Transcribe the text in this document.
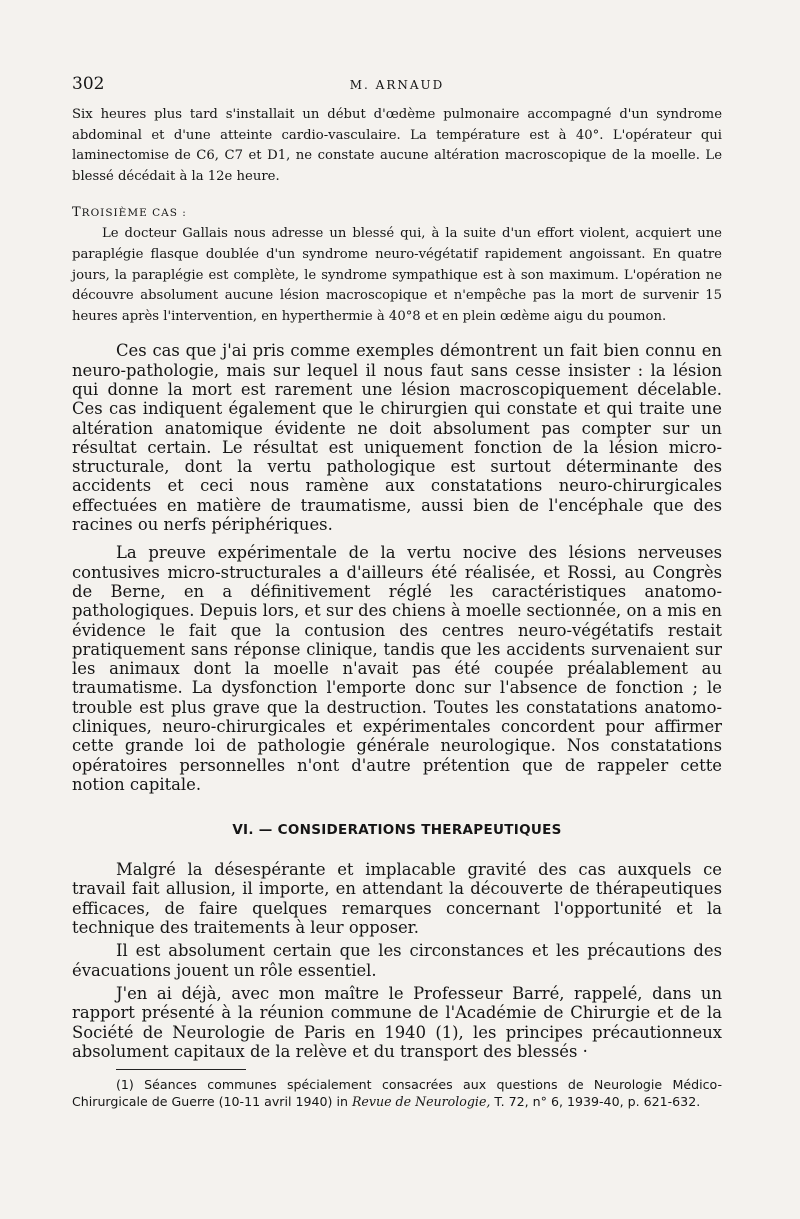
302	M. ARNAUD

Six heures plus tard s'installait un début d'œdème pulmonaire accompagné d'un syndrome abdominal et d'une atteinte cardio-vasculaire. La température est à 40°. L'opérateur qui laminectomise de C6, C7 et D1, ne constate aucune altération macroscopique de la moelle. Le blessé décédait à la 12e heure.

TROISIÈME CAS :

Le docteur Gallais nous adresse un blessé qui, à la suite d'un effort violent, acquiert une paraplégie flasque doublée d'un syndrome neuro-végétatif rapidement angoissant. En quatre jours, la paraplégie est complète, le syndrome sympathique est à son maximum. L'opération ne découvre absolument aucune lésion macroscopique et n'empêche pas la mort de survenir 15 heures après l'intervention, en hyperthermie à 40°8 et en plein œdème aigu du poumon.

Ces cas que j'ai pris comme exemples démontrent un fait bien connu en neuro-pathologie, mais sur lequel il nous faut sans cesse insister : la lésion qui donne la mort est rarement une lésion macroscopiquement décelable. Ces cas indiquent également que le chirurgien qui constate et qui traite une altération anatomique évidente ne doit absolument pas compter sur un résultat certain. Le résultat est uniquement fonction de la lésion micro-structurale, dont la vertu pathologique est surtout déterminante des accidents et ceci nous ramène aux constatations neuro-chirurgicales effectuées en matière de traumatisme, aussi bien de l'encéphale que des racines ou nerfs périphériques.

La preuve expérimentale de la vertu nocive des lésions nerveuses contusives micro-structurales a d'ailleurs été réalisée, et Rossi, au Congrès de Berne, en a définitivement réglé les caractéristiques anatomo-pathologiques. Depuis lors, et sur des chiens à moelle sectionnée, on a mis en évidence le fait que la contusion des centres neuro-végétatifs restait pratiquement sans réponse clinique, tandis que les accidents survenaient sur les animaux dont la moelle n'avait pas été coupée préalablement au traumatisme. La dysfonction l'emporte donc sur l'absence de fonction ; le trouble est plus grave que la destruction. Toutes les constatations anatomo-cliniques, neuro-chirurgicales et expérimentales concordent pour affirmer cette grande loi de pathologie générale neurologique. Nos constatations opératoires personnelles n'ont d'autre prétention que de rappeler cette notion capitale.

VI. — CONSIDERATIONS THERAPEUTIQUES

Malgré la désespérante et implacable gravité des cas auxquels ce travail fait allusion, il importe, en attendant la découverte de thérapeutiques efficaces, de faire quelques remarques concernant l'opportunité et la technique des traitements à leur opposer.

Il est absolument certain que les circonstances et les précautions des évacuations jouent un rôle essentiel.

J'en ai déjà, avec mon maître le Professeur Barré, rappelé, dans un rapport présenté à la réunion commune de l'Académie de Chirurgie et de la Société de Neurologie de Paris en 1940 (1), les principes précautionneux absolument capitaux de la relève et du transport des blessés ·

(1) Séances communes spécialement consacrées aux questions de Neurologie Médico-Chirurgicale de Guerre (10-11 avril 1940) in Revue de Neurologie, T. 72, n° 6, 1939-40, p. 621-632.
